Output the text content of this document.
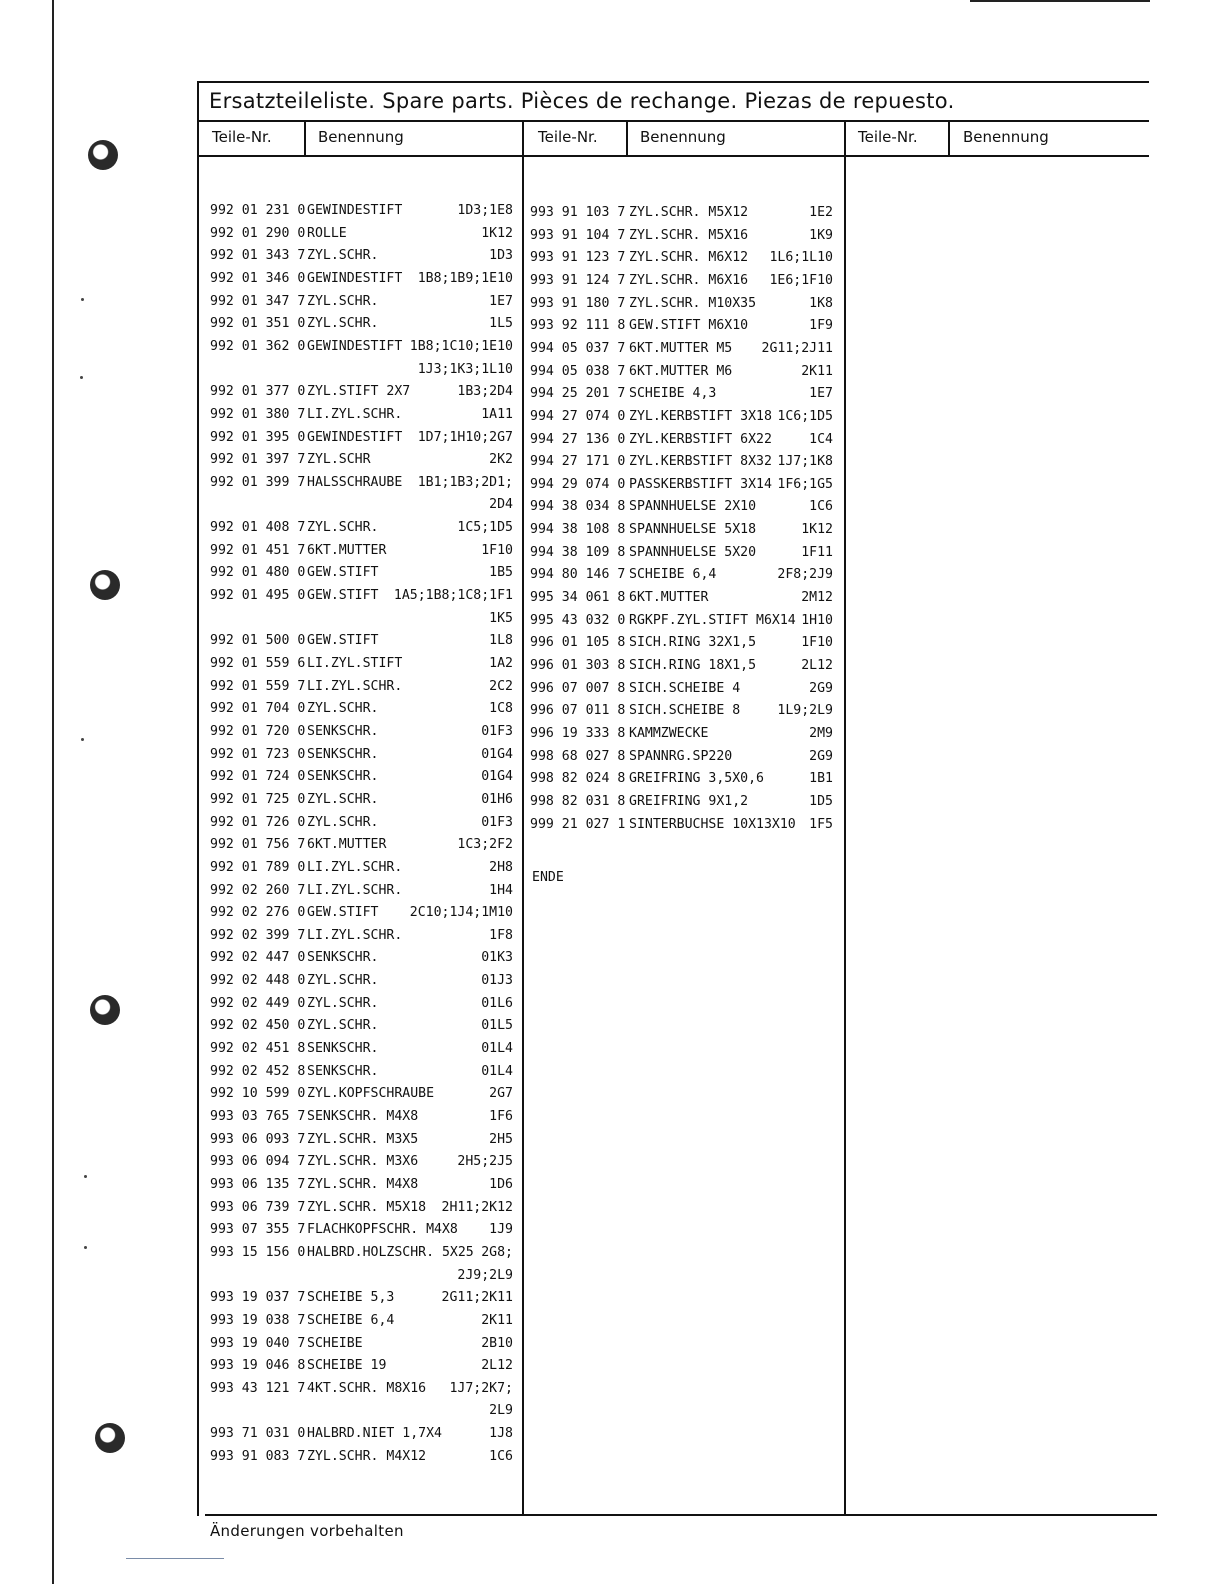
Ersatzteileliste. Spare parts. Pièces de rechange. Piezas de repuesto.
Teile-Nr.	Benennung	Teile-Nr.	Benennung	Teile-Nr.	Benennung
992 01 231 0 GEWINDESTIFT	1D3;1E8
992 01 290 0 ROLLE	1K12
992 01 343 7 ZYL.SCHR.	1D3
992 01 346 0 GEWINDESTIFT 1B8;1B9;1E10
992 01 347 7 ZYL.SCHR.	1E7
992 01 351 0 ZYL.SCHR.	1L5
992 01 362 0 GEWINDESTIFT 1B8;1C10;1E10
1J3;1K3;1L10
992 01 377 0 ZYL.STIFT 2X7	1B3;2D4
992 01 380 7 LI.ZYL.SCHR.	1A11
992 01 395 0 GEWINDESTIFT 1D7;1H10;2G7
992 01 397 7 ZYL.SCHR	2K2
992 01 399 7 HALSSCHRAUBE 1B1;1B3;2D1;
2D4
992 01 408 7 ZYL.SCHR.	1C5;1D5
992 01 451 7 6KT.MUTTER	1F10
992 01 480 0 GEW.STIFT	1B5
992 01 495 0 GEW.STIFT 1A5;1B8;1C8;1F1
1K5
992 01 500 0 GEW.STIFT	1L8
992 01 559 6 LI.ZYL.STIFT	1A2
992 01 559 7 LI.ZYL.SCHR.	2C2
992 01 704 0 ZYL.SCHR.	1C8
992 01 720 0 SENKSCHR.	01F3
992 01 723 0 SENKSCHR.	01G4
992 01 724 0 SENKSCHR.	01G4
992 01 725 0 ZYL.SCHR.	01H6
992 01 726 0 ZYL.SCHR.	01F3
992 01 756 7 6KT.MUTTER	1C3;2F2
992 01 789 0 LI.ZYL.SCHR.	2H8
992 02 260 7 LI.ZYL.SCHR.	1H4
992 02 276 0 GEW.STIFT 2C10;1J4;1M10
992 02 399 7 LI.ZYL.SCHR.	1F8
992 02 447 0 SENKSCHR.	01K3
992 02 448 0 ZYL.SCHR.	01J3
992 02 449 0 ZYL.SCHR.	01L6
992 02 450 0 ZYL.SCHR.	01L5
992 02 451 8 SENKSCHR.	01L4
992 02 452 8 SENKSCHR.	01L4
992 10 599 0 ZYL.KOPFSCHRAUBE	2G7
993 03 765 7 SENKSCHR. M4X8	1F6
993 06 093 7 ZYL.SCHR. M3X5	2H5
993 06 094 7 ZYL.SCHR. M3X6	2H5;2J5
993 06 135 7 ZYL.SCHR. M4X8	1D6
993 06 739 7 ZYL.SCHR. M5X18 2H11;2K12
993 07 355 7 FLACHKOPFSCHR. M4X8 1J9
993 15 156 0 HALBRD.HOLZSCHR. 5X25 2G8;
2J9;2L9
993 19 037 7 SCHEIBE 5,3	2G11;2K11
993 19 038 7 SCHEIBE 6,4	2K11
993 19 040 7 SCHEIBE	2B10
993 19 046 8 SCHEIBE 19	2L12
993 43 121 7 4KT.SCHR. M8X16 1J7;2K7;
2L9
993 71 031 0 HALBRD.NIET 1,7X4	1J8
993 91 083 7 ZYL.SCHR. M4X12	1C6
993 91 103 7 ZYL.SCHR. M5X12	1E2
993 91 104 7 ZYL.SCHR. M5X16	1K9
993 91 123 7 ZYL.SCHR. M6X12 1L6;1L10
993 91 124 7 ZYL.SCHR. M6X16 1E6;1F10
993 91 180 7 ZYL.SCHR. M10X35	1K8
993 92 111 8 GEW.STIFT M6X10	1F9
994 05 037 7 6KT.MUTTER M5 2G11;2J11
994 05 038 7 6KT.MUTTER M6	2K11
994 25 201 7 SCHEIBE 4,3	1E7
994 27 074 0 ZYL.KERBSTIFT 3X18 1C6;1D5
994 27 136 0 ZYL.KERBSTIFT 6X22	1C4
994 27 171 0 ZYL.KERBSTIFT 8X32 1J7;1K8
994 29 074 0 PASSKERBSTIFT 3X14 1F6;1G5
994 38 034 8 SPANNHUELSE 2X10	1C6
994 38 108 8 SPANNHUELSE 5X18	1K12
994 38 109 8 SPANNHUELSE 5X20	1F11
994 80 146 7 SCHEIBE 6,4	2F8;2J9
995 34 061 8 6KT.MUTTER	2M12
995 43 032 0 RGKPF.ZYL.STIFT M6X14 1H10
996 01 105 8 SICH.RING 32X1,5	1F10
996 01 303 8 SICH.RING 18X1,5	2L12
996 07 007 8 SICH.SCHEIBE 4	2G9
996 07 011 8 SICH.SCHEIBE 8	1L9;2L9
996 19 333 8 KAMMZWECKE	2M9
998 68 027 8 SPANNRG.SP220	2G9
998 82 024 8 GREIFRING 3,5X0,6	1B1
998 82 031 8 GREIFRING 9X1,2	1D5
999 21 027 1 SINTERBUCHSE 10X13X10 1F5
ENDE
Änderungen vorbehalten
